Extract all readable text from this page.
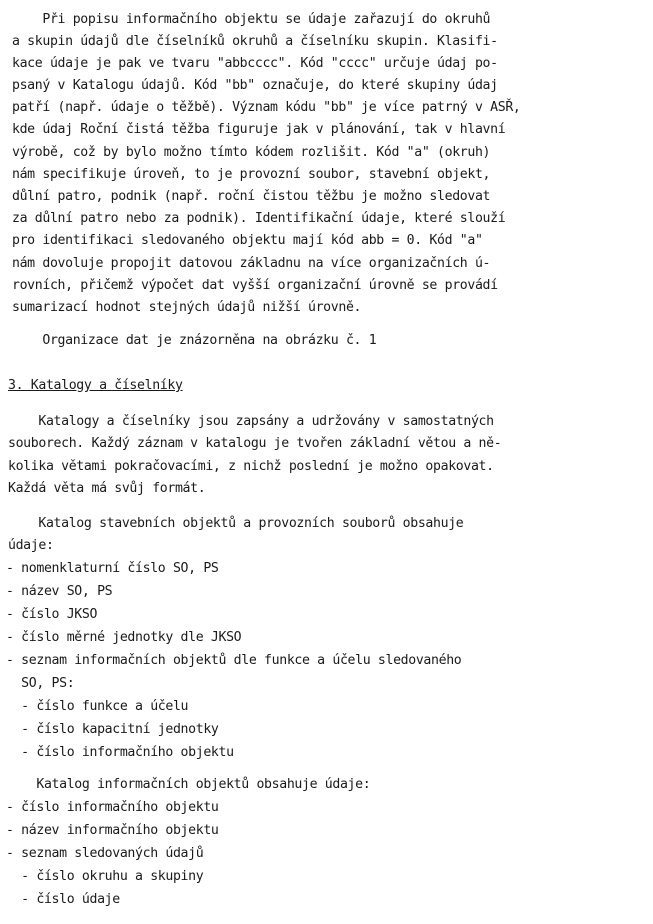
Při popisu informačního objektu se údaje zařazují do okruhů
a skupin údajů dle číselníků okruhů a číselníku skupin. Klasifi-
kace údaje je pak ve tvaru "abbcccc". Kód "cccc" určuje údaj po-
psaný v Katalogu údajů. Kód "bb" označuje, do které skupiny údaj
patří (např. údaje o těžbě). Význam kódu "bb" je více patrný v ASŘ,
kde údaj Roční čistá těžba figuruje jak v plánování, tak v hlavní
výrobě, což by bylo možno tímto kódem rozlišit. Kód "a" (okruh)
nám specifikuje úroveň, to je provozní soubor, stavební objekt,
důlní patro, podnik (např. roční čistou těžbu je možno sledovat
za důlní patro nebo za podnik). Identifikační údaje, které slouží
pro identifikaci sledovaného objektu mají kód abb = 0. Kód "a"
nám dovoluje propojit datovou základnu na více organizačních ú-
rovních, přičemž výpočet dat vyšší organizační úrovně se provádí
sumarizací hodnot stejných údajů nižší úrovně.
Organizace dat je znázorněna na obrázku č. 1
3. Katalogy a číselníky
Katalogy a číselníky jsou zapsány a udržovány v samostatných
souborech. Každý záznam v katalogu je tvořen základní větou a ně-
kolika větami pokračovacími, z nichž poslední je možno opakovat.
Každá věta má svůj formát.
Katalog stavebních objektů a provozních souborů obsahuje
údaje:
- nomenklaturní číslo SO, PS
- název SO, PS
- číslo JKSO
- číslo měrné jednotky dle JKSO
- seznam informačních objektů dle funkce a účelu sledovaného
SO, PS:
- číslo funkce a účelu
- číslo kapacitní jednotky
- číslo informačního objektu
Katalog informačních objektů obsahuje údaje:
- číslo informačního objektu
- název informačního objektu
- seznam sledovaných údajů
- číslo okruhu a skupiny
- číslo údaje
